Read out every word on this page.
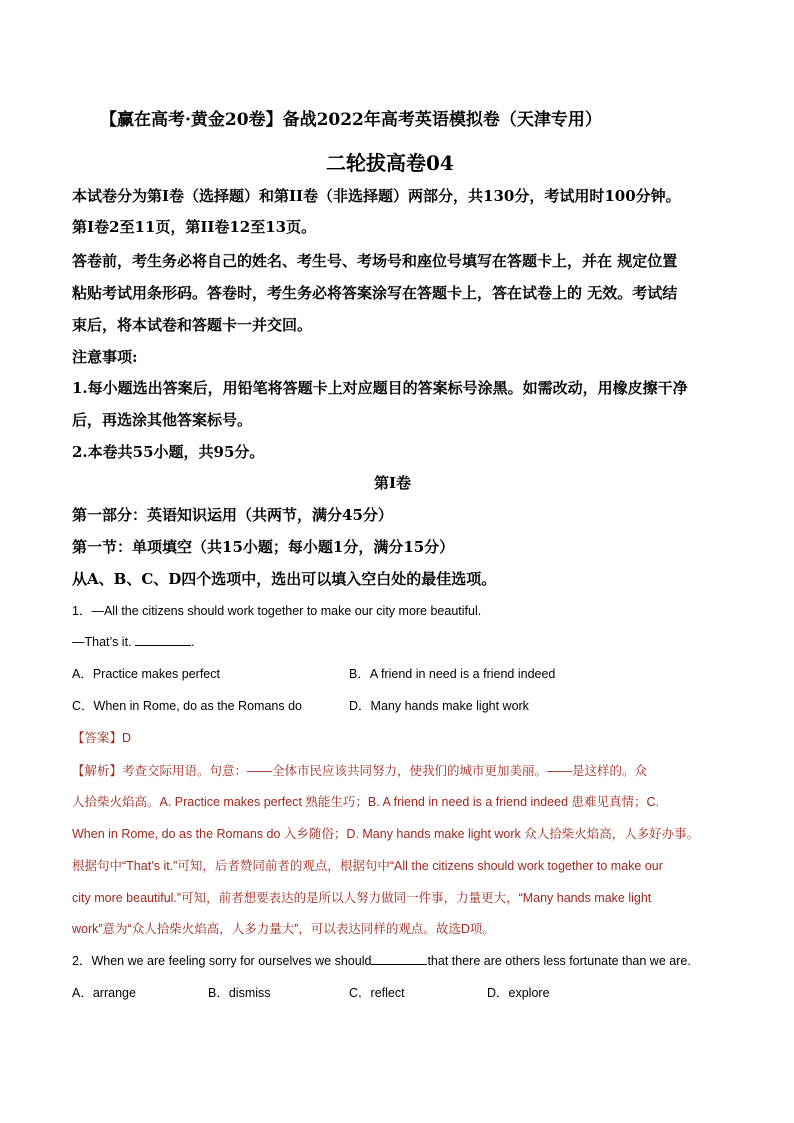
【赢在高考·黄金20卷】备战2022年高考英语模拟卷（天津专用）
二轮拔高卷04
本试卷分为第I卷（选择题）和第II卷（非选择题）两部分，共130分，考试用时100分钟。
第I卷2至11页，第II卷12至13页。
答卷前，考生务必将自己的姓名、考生号、考场号和座位号填写在答题卡上，并在 规定位置
粘贴考试用条形码。答卷时，考生务必将答案涂写在答题卡上，答在试卷上的 无效。考试结
束后，将本试卷和答题卡一并交回。
注意事项:
1.每小题选出答案后，用铅笔将答题卡上对应题目的答案标号涂黑。如需改动，用橡皮擦干净
后，再选涂其他答案标号。
2.本卷共55小题，共95分。
第I卷
第一部分：英语知识运用（共两节，满分45分）
第一节：单项填空（共15小题；每小题1分，满分15分）
从A、B、C、D四个选项中，选出可以填入空白处的最佳选项。
1．—All the citizens should work together to make our city more beautiful.
—That’s it.	.
A．Practice makes perfect	B．A friend in need is a friend indeed
C．When in Rome, do as the Romans do	D．Many hands make light work
【答案】D
【解析】考查交际用语。句意：——全体市民应该共同努力，使我们的城市更加美丽。——是这样的。众
人拾柴火焰高。A. Practice makes perfect 熟能生巧；B. A friend in need is a friend indeed 患难见真情；C.
When in Rome, do as the Romans do 入乡随俗；D. Many hands make light work 众人拾柴火焰高，人多好办事。
根据句中“That’s it.”可知，后者赞同前者的观点，根据句中“All the citizens should work together to make our
city more beautiful.”可知，前者想要表达的是所以人努力做同一件事，力量更大，“Many hands make light
work”意为“众人拾柴火焰高，人多力量大”，可以表达同样的观点。故选D项。
2．When we are feeling sorry for ourselves we should	that there are others less fortunate than we are.
A．arrange	B．dismiss	C．reflect	D．explore
